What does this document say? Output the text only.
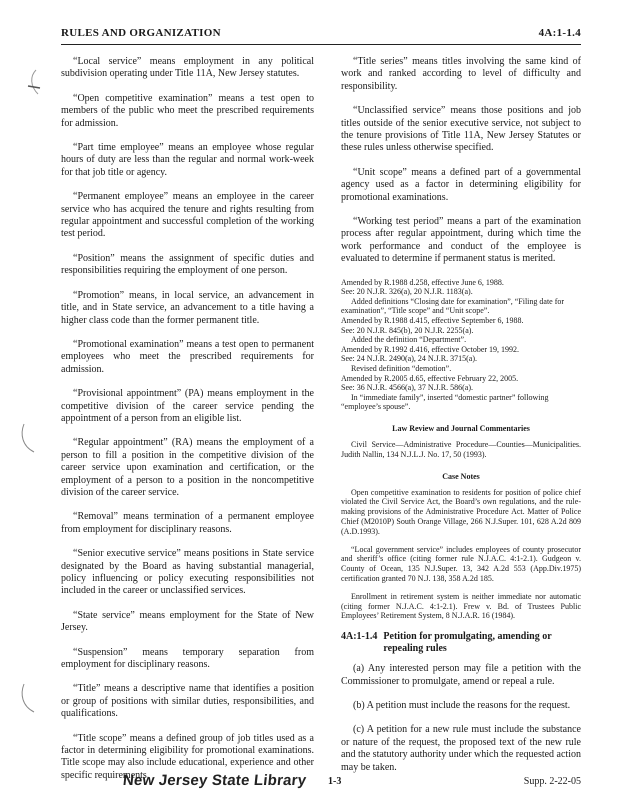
RULES AND ORGANIZATION	4A:1-1.4

“Local service” means employment in any political subdivision operating under Title 11A, New Jersey statutes.

“Open competitive examination” means a test open to members of the public who meet the prescribed requirements for admission.

“Part time employee” means an employee whose regular hours of duty are less than the regular and normal work-week for that job title or agency.

“Permanent employee” means an employee in the career service who has acquired the tenure and rights resulting from regular appointment and successful completion of the working test period.

“Position” means the assignment of specific duties and responsibilities requiring the employment of one person.

“Promotion” means, in local service, an advancement in title, and in State service, an advancement to a title having a higher class code than the former permanent title.

“Promotional examination” means a test open to permanent employees who meet the prescribed requirements for admission.

“Provisional appointment” (PA) means employment in the competitive division of the career service pending the appointment of a person from an eligible list.

“Regular appointment” (RA) means the employment of a person to fill a position in the competitive division of the career service upon examination and certification, or the employment of a person to a position in the noncompetitive division of the career service.

“Removal” means termination of a permanent employee from employment for disciplinary reasons.

“Senior executive service” means positions in State service designated by the Board as having substantial managerial, policy influencing or policy executing responsibilities not included in the career or unclassified services.

“State service” means employment for the State of New Jersey.

“Suspension” means temporary separation from employment for disciplinary reasons.

“Title” means a descriptive name that identifies a position or group of positions with similar duties, responsibilities, and qualifications.

“Title scope” means a defined group of job titles used as a factor in determining eligibility for promotional examinations. Title scope may also include educational, experience and other specific requirements.

“Title series” means titles involving the same kind of work and ranked according to level of difficulty and responsibility.

“Unclassified service” means those positions and job titles outside of the senior executive service, not subject to the tenure provisions of Title 11A, New Jersey Statutes or these rules unless otherwise specified.

“Unit scope” means a defined part of a governmental agency used as a factor in determining eligibility for promotional examinations.

“Working test period” means a part of the examination process after regular appointment, during which time the work performance and conduct of the employee is evaluated to determine if permanent status is merited.

Amended by R.1988 d.258, effective June 6, 1988.

See: 20 N.J.R. 326(a), 20 N.J.R. 1183(a).

Added definitions “Closing date for examination”, “Filing date for examination”, “Title scope” and “Unit scope”.

Amended by R.1988 d.415, effective September 6, 1988.

See: 20 N.J.R. 845(b), 20 N.J.R. 2255(a).

Added the definition “Department”.

Amended by R.1992 d.416, effective October 19, 1992.

See: 24 N.J.R. 2490(a), 24 N.J.R. 3715(a).

Revised definition “demotion”.

Amended by R.2005 d.65, effective February 22, 2005.

See: 36 N.J.R. 4566(a), 37 N.J.R. 586(a).

In “immediate family”, inserted “domestic partner” following “employee’s spouse”.

Law Review and Journal Commentaries

Civil Service—Administrative Procedure—Counties—Municipalities. Judith Nallin, 134 N.J.L.J. No. 17, 50 (1993).

Case Notes

Open competitive examination to residents for position of police chief violated the Civil Service Act, the Board’s own regulations, and the rule-making provisions of the Administrative Procedure Act. Matter of Police Chief (M2010P) South Orange Village, 266 N.J.Super. 101, 628 A.2d 809 (A.D.1993).

“Local government service” includes employees of county prosecutor and sheriff’s office (citing former rule N.J.A.C. 4:1-2.1). Gudgeon v. County of Ocean, 135 N.J.Super. 13, 342 A.2d 553 (App.Div.1975) certification granted 70 N.J. 138, 358 A.2d 185.

Enrollment in retirement system is neither immediate nor automatic (citing former N.J.A.C. 4:1-2.1). Frew v. Bd. of Trustees Public Employees’ Retirement System, 8 N.J.A.R. 16 (1984).

4A:1-1.4 Petition for promulgating, amending or repealing rules

(a) Any interested person may file a petition with the Commissioner to promulgate, amend or repeal a rule.

(b) A petition must include the reasons for the request.

(c) A petition for a new rule must include the substance or nature of the request, the proposed text of the new rule and the statutory authority under which the requested action may be taken.

New Jersey State Library 1-3	Supp. 2-22-05
